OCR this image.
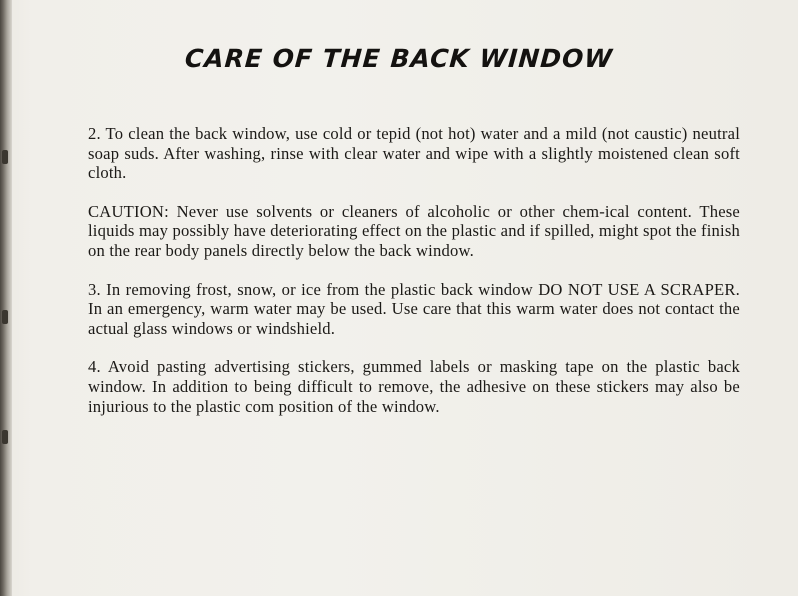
CARE OF THE BACK WINDOW

2. To clean the back window, use cold or tepid (not hot) water and a mild (not caustic) neutral soap suds. After washing, rinse with clear water and wipe with a slightly moistened clean soft cloth.

CAUTION: Never use solvents or cleaners of alcoholic or other chem-ical content. These liquids may possibly have deteriorating effect on the plastic and if spilled, might spot the finish on the rear body panels directly below the back window.

3. In removing frost, snow, or ice from the plastic back window DO NOT USE A SCRAPER. In an emergency, warm water may be used. Use care that this warm water does not contact the actual glass windows or windshield.

4. Avoid pasting advertising stickers, gummed labels or masking tape on the plastic back window. In addition to being difficult to remove, the adhesive on these stickers may also be injurious to the plastic com position of the window.
